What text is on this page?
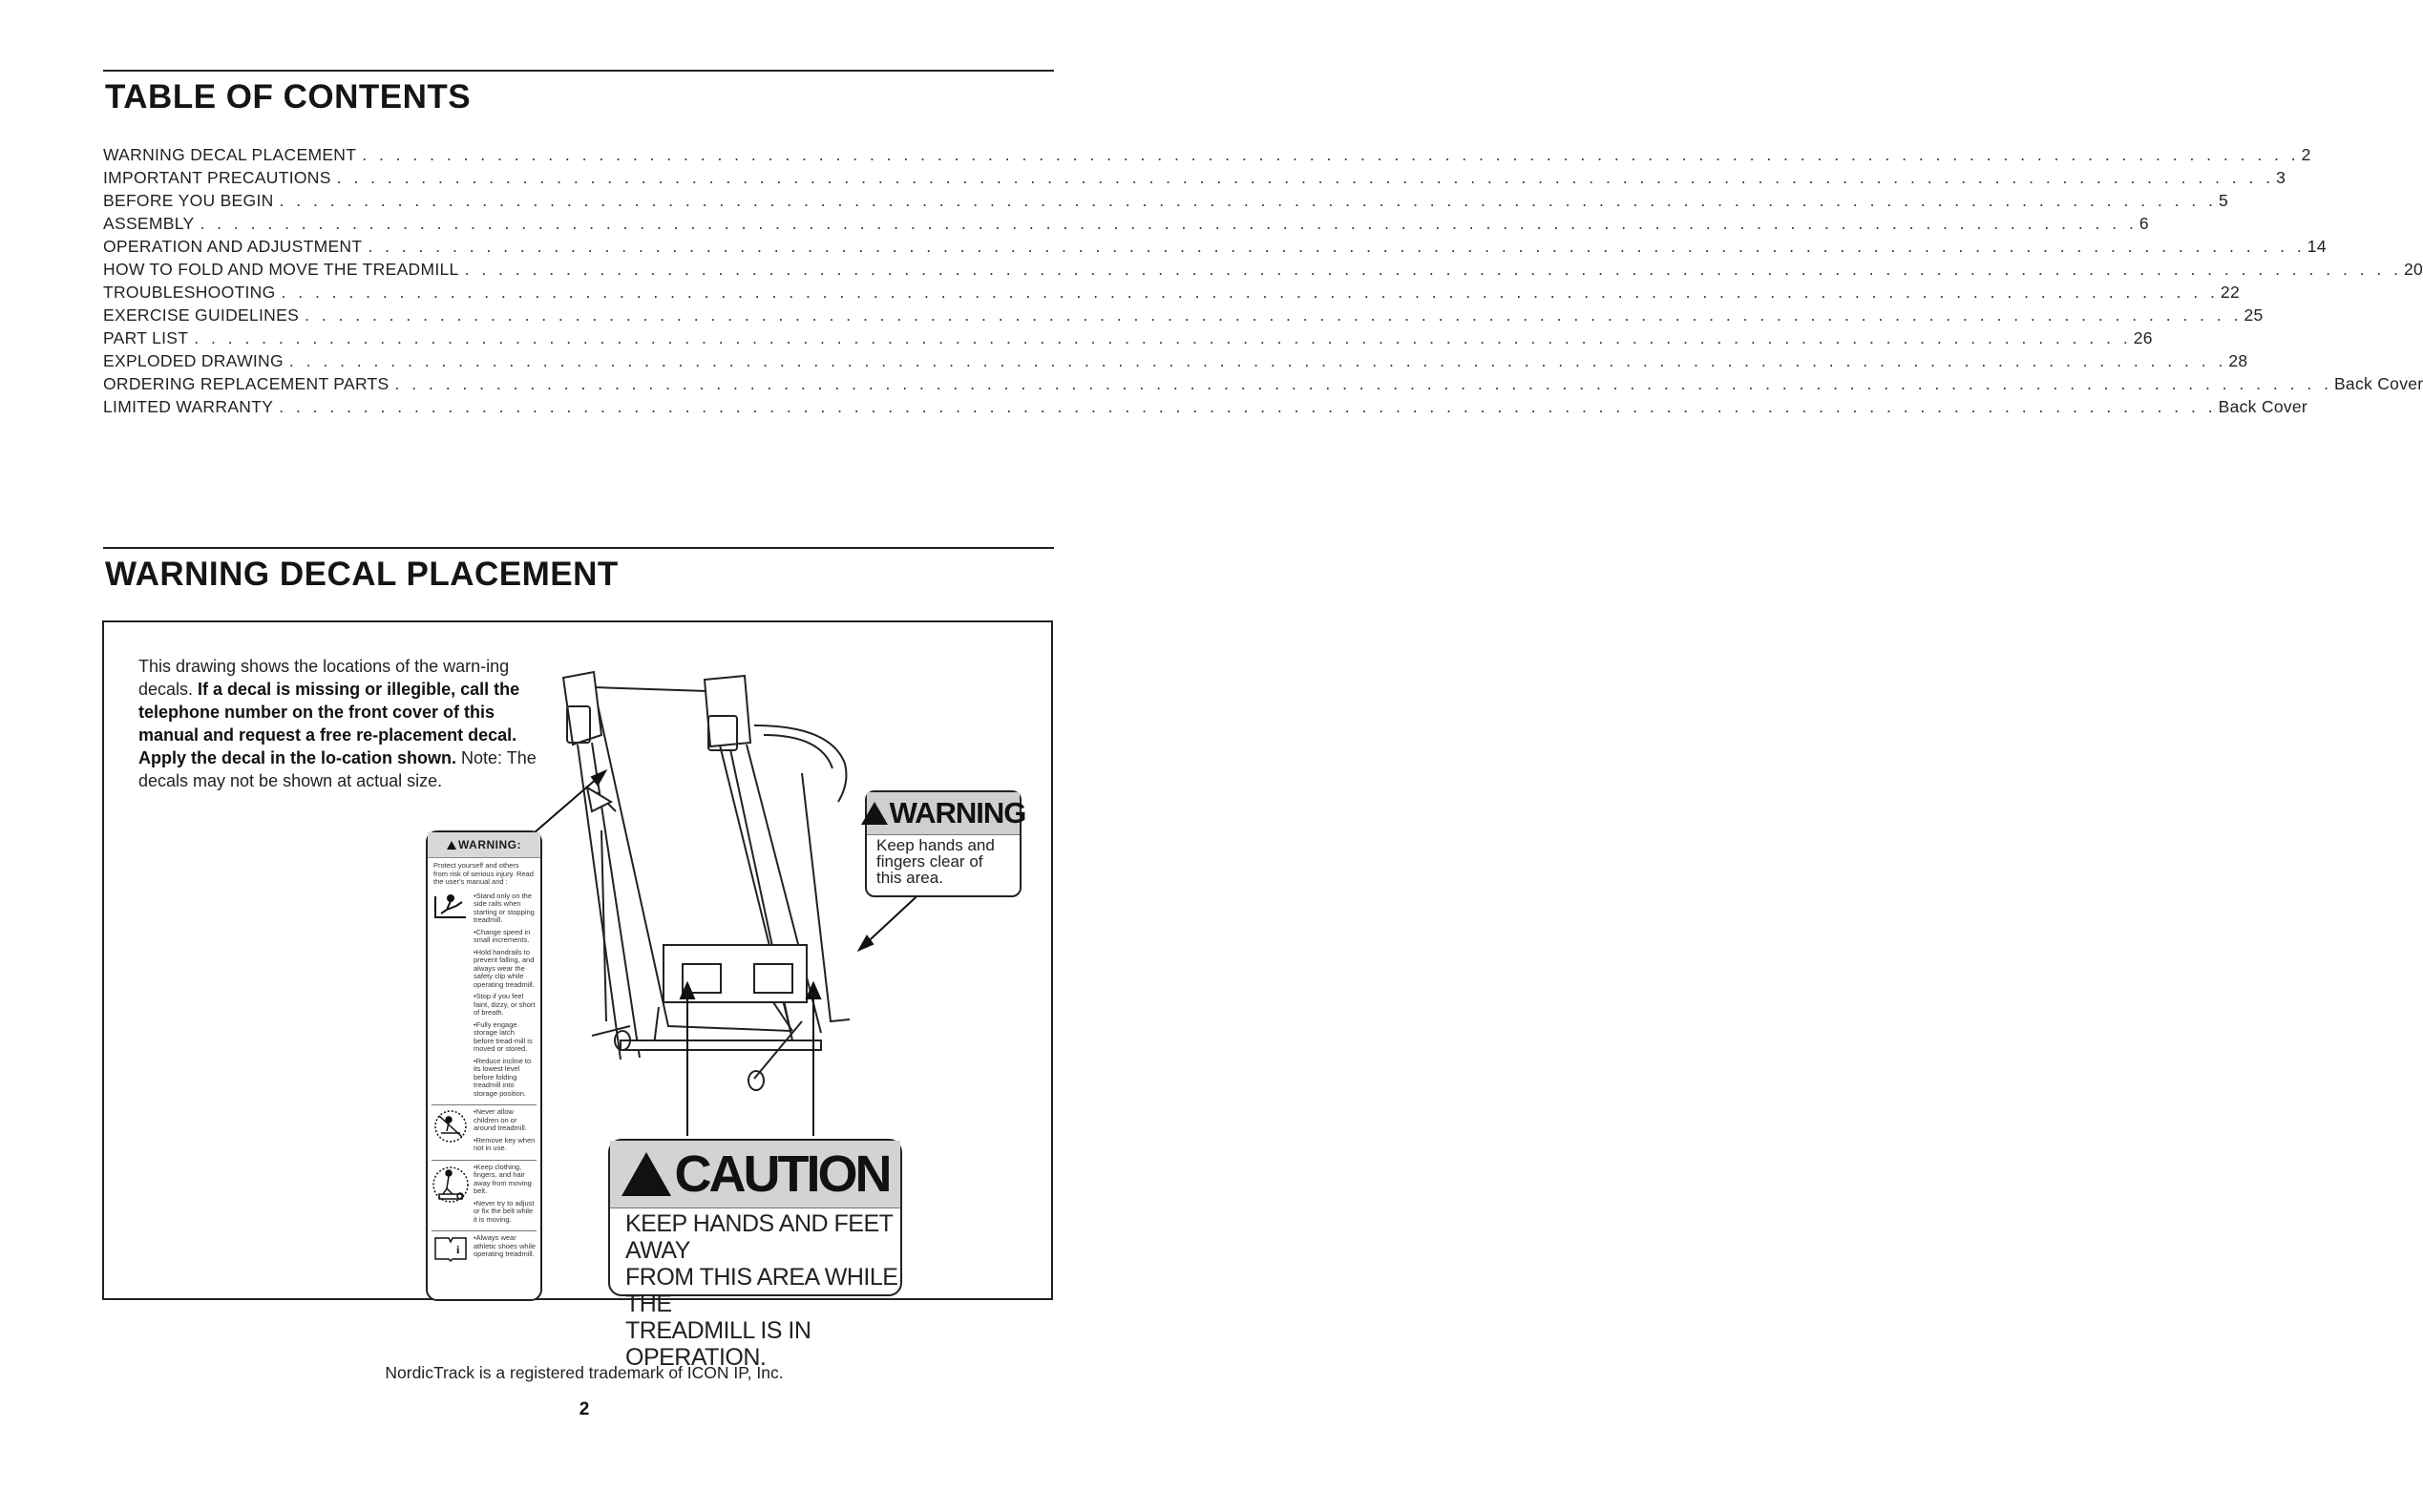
TABLE OF CONTENTS
WARNING DECAL PLACEMENT . . .	2
IMPORTANT PRECAUTIONS . . .	3
BEFORE YOU BEGIN . . .	5
ASSEMBLY . . .	6
OPERATION AND ADJUSTMENT . . .	14
HOW TO FOLD AND MOVE THE TREADMILL . . .	20
TROUBLESHOOTING . . .	22
EXERCISE GUIDELINES . . .	25
PART LIST . . .	26
EXPLODED DRAWING . . .	28
ORDERING REPLACEMENT PARTS . . .	Back Cover
LIMITED WARRANTY . . .	Back Cover
WARNING DECAL PLACEMENT

This drawing shows the locations of the warn-ing decals. If a decal is missing or illegible, call the telephone number on the front cover of this manual and request a free re-placement decal. Apply the decal in the lo-cation shown. Note: The decals may not be shown at actual size.

WARNING:
Protect yourself and others from risk of serious injury. Read the user's manual and :
•Stand only on the side rails when starting or stopping treadmill.
•Change speed in small increments.
•Hold handrails to prevent falling, and always wear the safety clip while operating treadmill.
•Stop if you feel faint, dizzy, or short of breath.
•Fully engage storage latch before tread-mill is moved or stored.
•Reduce incline to its lowest level before folding treadmill into storage position.
•Never allow children on or around treadmill.
•Remove key when not in use.
•Keep clothing, fingers, and hair away from moving belt.
•Never try to adjust or fix the belt while it is moving.
i
•Always wear athletic shoes while operating treadmill.
WARNING
Keep hands and fingers clear of this area.
CAUTION
KEEP HANDS AND FEET AWAY
FROM THIS AREA WHILE THE
TREADMILL IS IN OPERATION.
NordicTrack is a registered trademark of ICON IP, Inc.
2
